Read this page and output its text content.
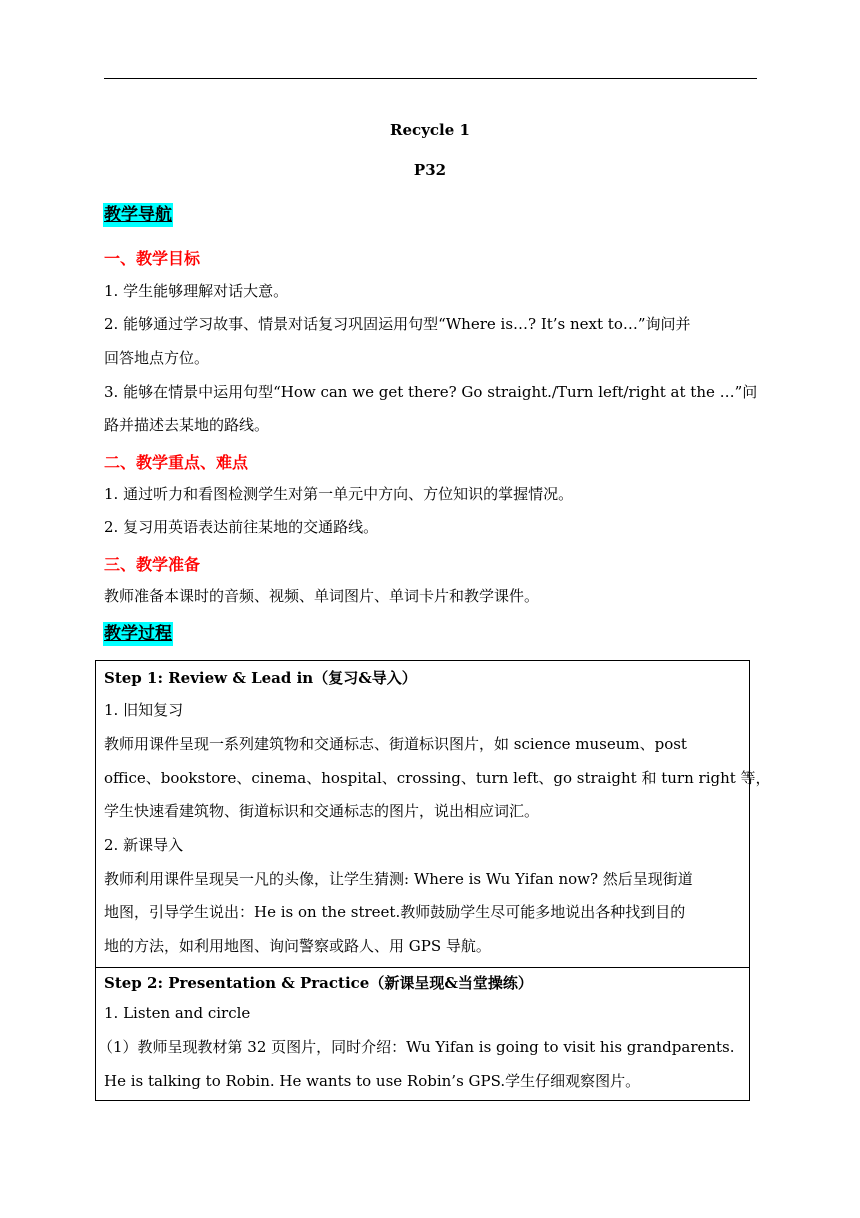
Recycle 1
P32
教学导航
一、教学目标
1. 学生能够理解对话大意。
2. 能够通过学习故事、情景对话复习巩固运用句型“Where is…? It’s next to…”询问并
回答地点方位。
3. 能够在情景中运用句型“How can we get there? Go straight./Turn left/right at the …”问
路并描述去某地的路线。
二、教学重点、难点
1. 通过听力和看图检测学生对第一单元中方向、方位知识的掌握情况。
2. 复习用英语表达前往某地的交通路线。
三、教学准备
教师准备本课时的音频、视频、单词图片、单词卡片和教学课件。
教学过程
Step 1: Review & Lead in（复习&导入）
1. 旧知复习
教师用课件呈现一系列建筑物和交通标志、街道标识图片，如 science museum、post
office、bookstore、cinema、hospital、crossing、turn left、go straight 和 turn right 等，
学生快速看建筑物、街道标识和交通标志的图片，说出相应词汇。
2. 新课导入
教师利用课件呈现吴一凡的头像，让学生猜测: Where is Wu Yifan now? 然后呈现街道
地图，引导学生说出：He is on the street.教师鼓励学生尽可能多地说出各种找到目的
地的方法，如利用地图、询问警察或路人、用 GPS 导航。
Step 2: Presentation & Practice（新课呈现&当堂操练）
1. Listen and circle
（1）教师呈现教材第 32 页图片，同时介绍：Wu Yifan is going to visit his grandparents.
He is talking to Robin. He wants to use Robin’s GPS.学生仔细观察图片。
